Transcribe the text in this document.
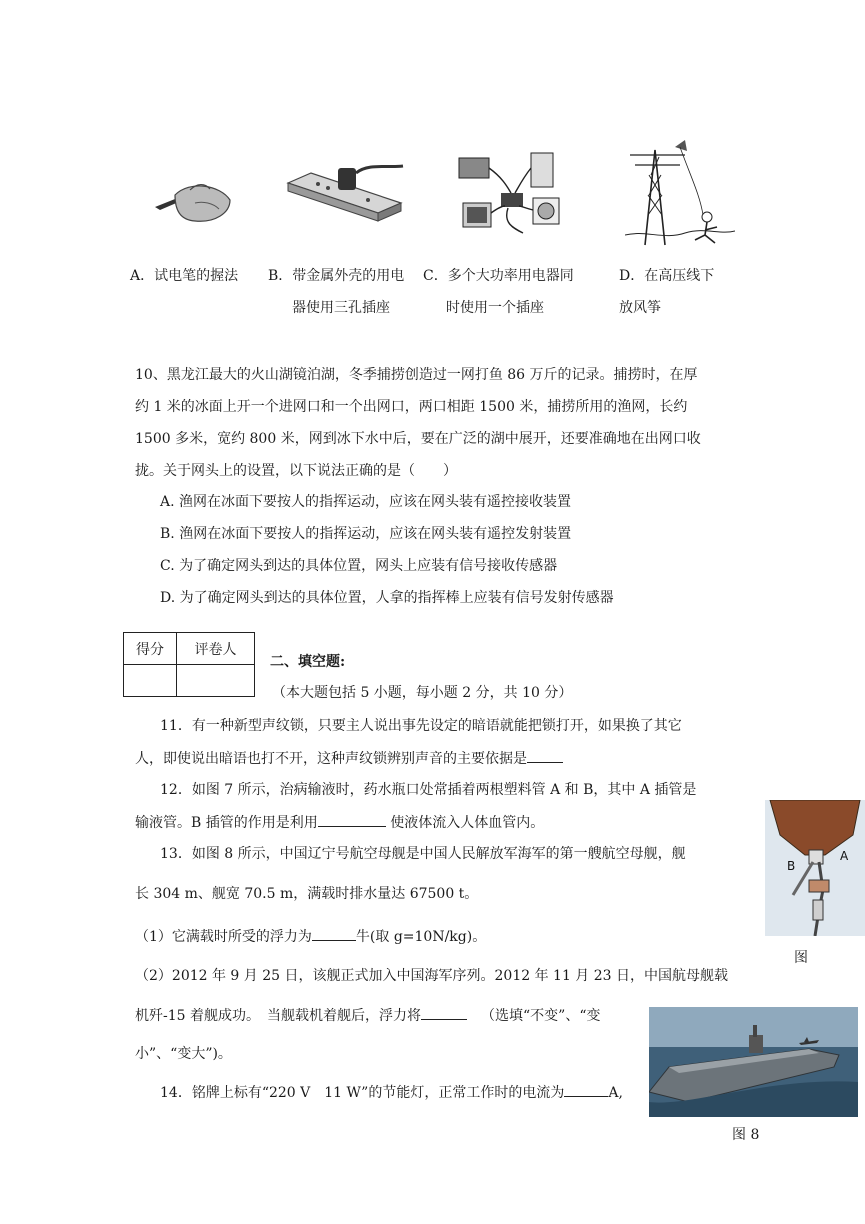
A．试电笔的握法 B．带金属外壳的用电
器使用三孔插座
C．多个大功率用电器同
时使用一个插座
D．在高压线下
放风筝
10、黑龙江最大的火山湖镜泊湖，冬季捕捞创造过一网打鱼 86 万斤的记录。捕捞时，在厚
约 1 米的冰面上开一个进网口和一个出网口，两口相距 1500 米，捕捞所用的渔网，长约
1500 多米，宽约 800 米，网到冰下水中后，要在广泛的湖中展开，还要准确地在出网口收
拢。关于网头上的设置，以下说法正确的是（　　）
A. 渔网在冰面下要按人的指挥运动，应该在网头装有遥控接收装置
B. 渔网在冰面下要按人的指挥运动，应该在网头装有遥控发射装置
C. 为了确定网头到达的具体位置，网头上应装有信号接收传感器
D. 为了确定网头到达的具体位置，人拿的指挥棒上应装有信号发射传感器
得分	评卷人

二、填空题:
（本大题包括 5 小题，每小题 2 分，共 10 分）
11．有一种新型声纹锁，只要主人说出事先设定的暗语就能把锁打开，如果换了其它
人，即使说出暗语也打不开，这种声纹锁辨别声音的主要依据是
12．如图 7 所示，治病输液时，药水瓶口处常插着两根塑料管 A 和 B，其中 A 插管是
输液管。B 插管的作用是利用	使液体流入人体血管内。
B
A
图
13．如图 8 所示，中国辽宁号航空母舰是中国人民解放军海军的第一艘航空母舰，舰
长 304 m、舰宽 70.5 m，满载时排水量达 67500 t。
（1）它满载时所受的浮力为	牛(取 g=10N/kg)。
（2）2012 年 9 月 25 日，该舰正式加入中国海军序列。2012 年 11 月 23 日，中国航母舰载
机歼-15 着舰成功。　当舰载机着舰后，浮力将	（选填“不变”、“变
小”、“变大”)。
图 8
14．铭牌上标有“220 V　11 W”的节能灯，正常工作时的电流为	A,
